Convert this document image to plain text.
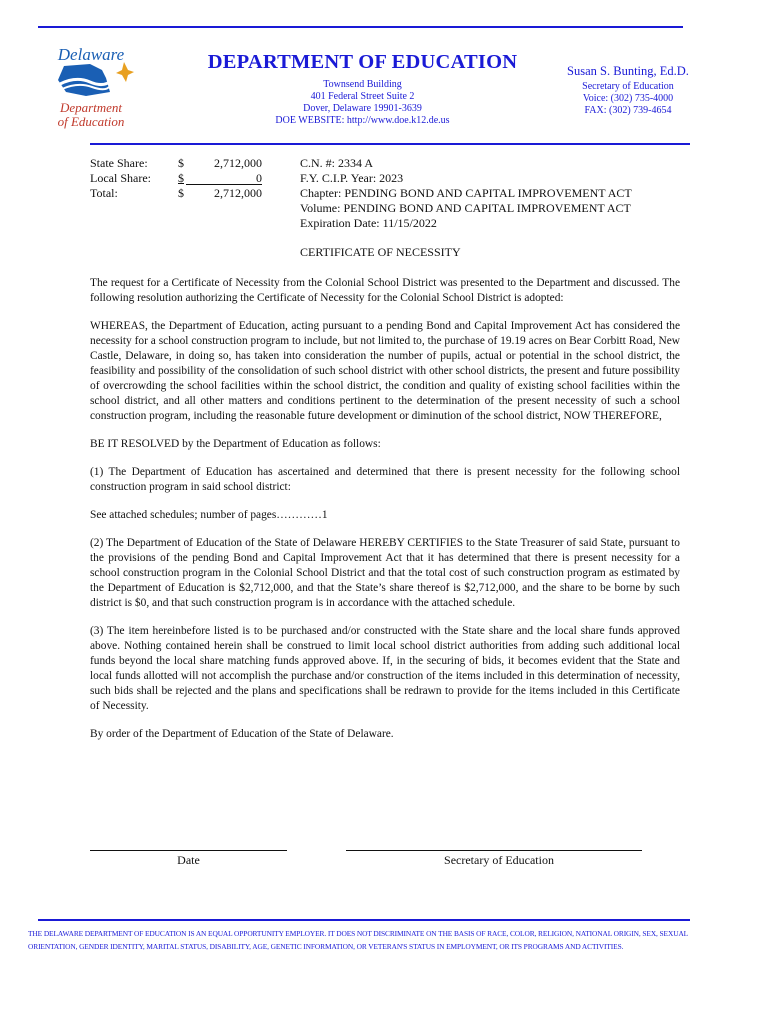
Delaware
Department
of Education
DEPARTMENT OF EDUCATION
Townsend Building
401 Federal Street Suite 2
Dover, Delaware 19901-3639
DOE WEBSITE: http://www.doe.k12.de.us
Susan S. Bunting, Ed.D.
Secretary of Education
Voice: (302) 735-4000
FAX: (302) 739-4654
State Share:	$	2,712,000
Local Share: $	0
Total:	$	2,712,000
C.N. #: 2334 A
F.Y. C.I.P. Year: 2023
Chapter: PENDING BOND AND CAPITAL IMPROVEMENT ACT
Volume: PENDING BOND AND CAPITAL IMPROVEMENT ACT
Expiration Date: 11/15/2022
CERTIFICATE OF NECESSITY

The request for a Certificate of Necessity from the Colonial School District was presented to the Department and discussed. The following resolution authorizing the Certificate of Necessity for the Colonial School District is adopted:

WHEREAS, the Department of Education, acting pursuant to a pending Bond and Capital Improvement Act has considered the necessity for a school construction program to include, but not limited to, the purchase of 19.19 acres on Bear Corbitt Road, New Castle, Delaware, in doing so, has taken into consideration the number of pupils, actual or potential in the school district, the feasibility and possibility of the consolidation of such school district with other school districts, the present and future possibility of overcrowding the school facilities within the school district, the condition and quality of existing school facilities within the school district, and all other matters and conditions pertinent to the determination of the present necessity of such a school construction program, including the reasonable future development or diminution of the school district, NOW THEREFORE,

BE IT RESOLVED by the Department of Education as follows:

(1) The Department of Education has ascertained and determined that there is present necessity for the following school construction program in said school district:

See attached schedules; number of pages…………1

(2) The Department of Education of the State of Delaware HEREBY CERTIFIES to the State Treasurer of said State, pursuant to the provisions of the pending Bond and Capital Improvement Act that it has determined that there is present necessity for a school construction program in the Colonial School District and that the total cost of such construction program as estimated by the Department of Education is $2,712,000, and that the State’s share thereof is $2,712,000, and the share to be borne by such district is $0, and that such construction program is in accordance with the attached schedule.

(3) The item hereinbefore listed is to be purchased and/or constructed with the State share and the local share funds approved above. Nothing contained herein shall be construed to limit local school district authorities from adding such additional local funds beyond the local share matching funds approved above. If, in the securing of bids, it becomes evident that the State and local funds allotted will not accomplish the purchase and/or construction of the items included in this determination of necessity, such bids shall be rejected and the plans and specifications shall be redrawn to provide for the items included in this Certificate of Necessity.

By order of the Department of Education of the State of Delaware.

Date	Secretary of Education
THE DELAWARE DEPARTMENT OF EDUCATION IS AN EQUAL OPPORTUNITY EMPLOYER. IT DOES NOT DISCRIMINATE ON THE BASIS OF RACE, COLOR, RELIGION, NATIONAL ORIGIN, SEX, SEXUAL ORIENTATION, GENDER IDENTITY, MARITAL STATUS, DISABILITY, AGE, GENETIC INFORMATION, OR VETERAN'S STATUS IN EMPLOYMENT, OR ITS PROGRAMS AND ACTIVITIES.
